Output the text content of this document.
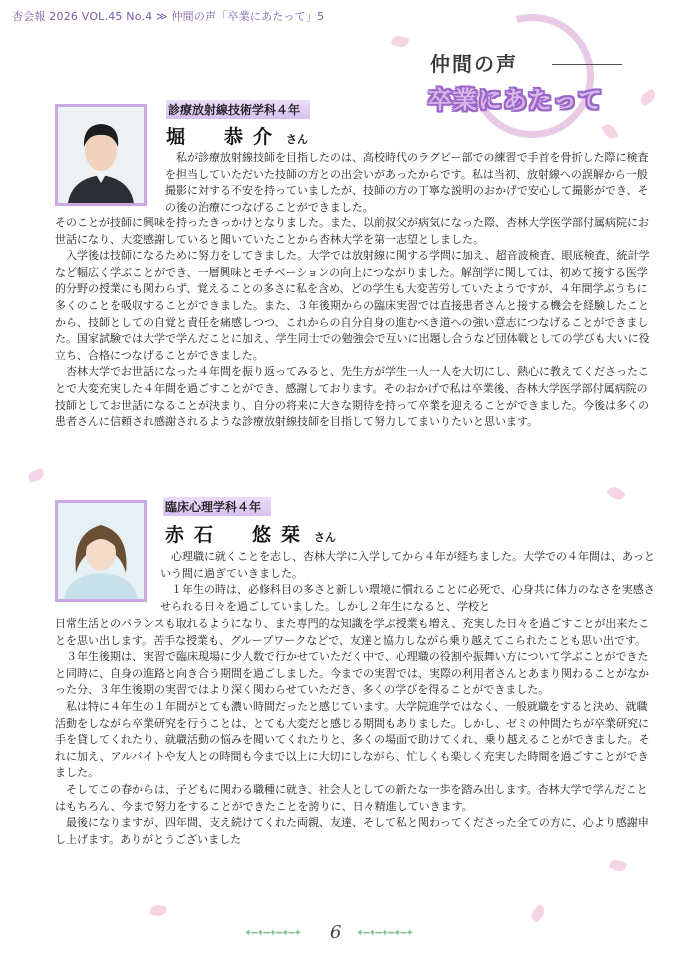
杏会報 2026 VOL.45 No.4 ≫ 仲間の声「卒業にあたって」5
仲間の声
卒業にあたって
診療放射線技術学科４年
堀　恭介 さん

　私が診療放射線技師を目指したのは、高校時代のラグビー部での練習で手首を骨折した際に検査を担当していただいた技師の方との出会いがあったからです。私は当初、放射線への誤解から一般撮影に対する不安を持っていましたが、技師の方の丁寧な説明のおかげで安心して撮影ができ、その後の治療につなげることができました。

そのことが技師に興味を持ったきっかけとなりました。また、以前叔父が病気になった際、杏林大学医学部付属病院にお世話になり、大変感謝していると聞いていたことから杏林大学を第一志望としました。

　入学後は技師になるために努力をしてきました。大学では放射線に関する学問に加え、超音波検査、眼底検査、統計学など幅広く学ぶことができ、一層興味とモチベーションの向上につながりました。解剖学に関しては、初めて接する医学的分野の授業にも関わらず、覚えることの多さに私を含め、どの学生も大変苦労していたようですが、４年間学ぶうちに多くのことを吸収することができました。また、３年後期からの臨床実習では直接患者さんと接する機会を経験したことから、技師としての自覚と責任を痛感しつつ、これからの自分自身の進むべき道への強い意志につなげることができました。国家試験では大学で学んだことに加え、学生同士での勉強会で互いに出題し合うなど団体戦としての学びも大いに役立ち、合格につなげることができました。

　杏林大学でお世話になった４年間を振り返ってみると、先生方が学生一人一人を大切にし、熱心に教えてくださったことで大変充実した４年間を過ごすことができ、感謝しております。そのおかげで私は卒業後、杏林大学医学部付属病院の技師としてお世話になることが決まり、自分の将来に大きな期待を持って卒業を迎えることができました。今後は多くの患者さんに信頼され感謝されるような診療放射線技師を目指して努力してまいりたいと思います。

臨床心理学科４年
赤石　悠栞 さん

　心理職に就くことを志し、杏林大学に入学してから４年が経ちました。大学での４年間は、あっという間に過ぎていきました。
　１年生の時は、必修科目の多さと新しい環境に慣れることに必死で、心身共に体力のなさを実感させられる日々を過ごしていました。しかし２年生になると、学校と

日常生活とのバランスも取れるようになり、また専門的な知識を学ぶ授業も増え、充実した日々を過ごすことが出来たことを思い出します。苦手な授業も、グループワークなどで、友達と協力しながら乗り越えてこられたことも思い出です。

　３年生後期は、実習で臨床現場に少人数で行かせていただく中で、心理職の役割や振舞い方について学ぶことができたと同時に、自身の進路と向き合う期間を過ごしました。今までの実習では、実際の利用者さんとあまり関わることがなかった分、３年生後期の実習ではより深く関わらせていただき、多くの学びを得ることができました。

　私は特に４年生の１年間がとても濃い時間だったと感じています。大学院進学ではなく、一般就職をすると決め、就職活動をしながら卒業研究を行うことは、とても大変だと感じる期間もありました。しかし、ゼミの仲間たちが卒業研究に手を貸してくれたり、就職活動の悩みを聞いてくれたりと、多くの場面で助けてくれ、乗り越えることができました。それに加え、アルバイトや友人との時間も今まで以上に大切にしながら、忙しくも楽しく充実した時間を過ごすことができました。

　そしてこの春からは、子どもに関わる職種に就き、社会人としての新たな一歩を踏み出します。杏林大学で学んだことはもちろん、今まで努力をすることができたことを誇りに、日々精進していきます。

　最後になりますが、四年間、支え続けてくれた両親、友達、そして私と関わってくださった全ての方に、心より感謝申し上げます。ありがとうございました

✦━✦━✦━✦━✦ 6 ✦━✦━✦━✦━✦
